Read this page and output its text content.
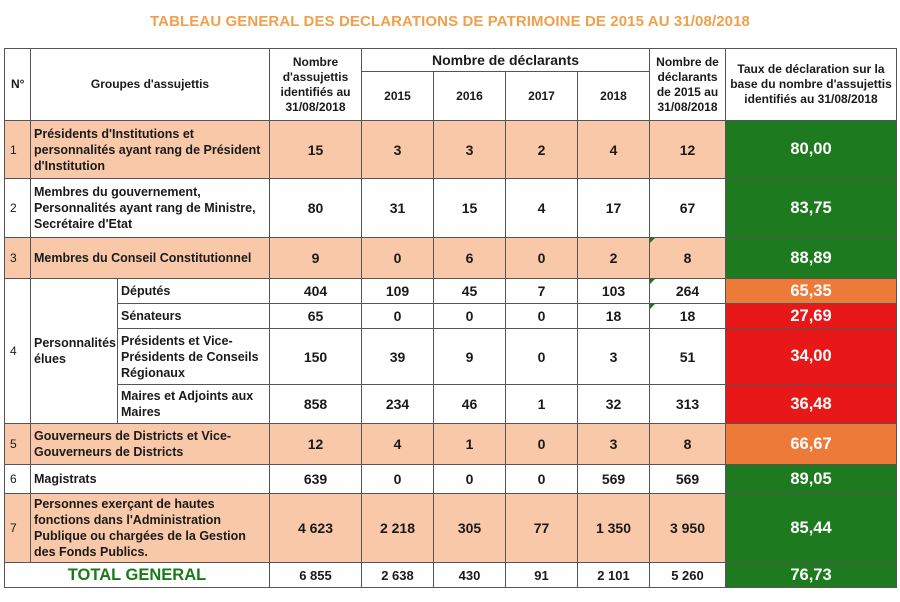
TABLEAU GENERAL DES DECLARATIONS DE PATRIMOINE DE 2015 AU 31/08/2018
N°	Groupes d'assujettis		Nombre d'assujettis identifiés au 31/08/2018	Nombre de déclarants				Nombre de déclarants de 2015 au 31/08/2018	Taux de déclaration sur la base du nombre d'assujettis identifiés au 31/08/2018
				2015	2016	2017	2018		
1	Présidents d'Institutions et personnalités ayant rang de Président d'Institution		15	3	3	2	4	12	80,00
2	Membres du gouvernement, Personnalités ayant rang de Ministre, Secrétaire d'Etat		80	31	15	4	17	67	83,75
3	Membres du Conseil Constitutionnel		9	0	6	0	2	8	88,89
4	Personnalités élues	Députés	404	109	45	7	103	264	65,35
		Sénateurs	65	0	0	0	18	18	27,69
		Présidents et Vice-Présidents de Conseils Régionaux	150	39	9	0	3	51	34,00
		Maires et Adjoints aux Maires	858	234	46	1	32	313	36,48
5	Gouverneurs de Districts et Vice-Gouverneurs de Districts		12	4	1	0	3	8	66,67
6	Magistrats		639	0	0	0	569	569	89,05
7	Personnes exerçant de hautes fonctions dans l'Administration Publique ou chargées de la Gestion des Fonds Publics.		4 623	2 218	305	77	1 350	3 950	85,44
TOTAL GENERAL			6 855	2 638	430	91	2 101	5 260	76,73
